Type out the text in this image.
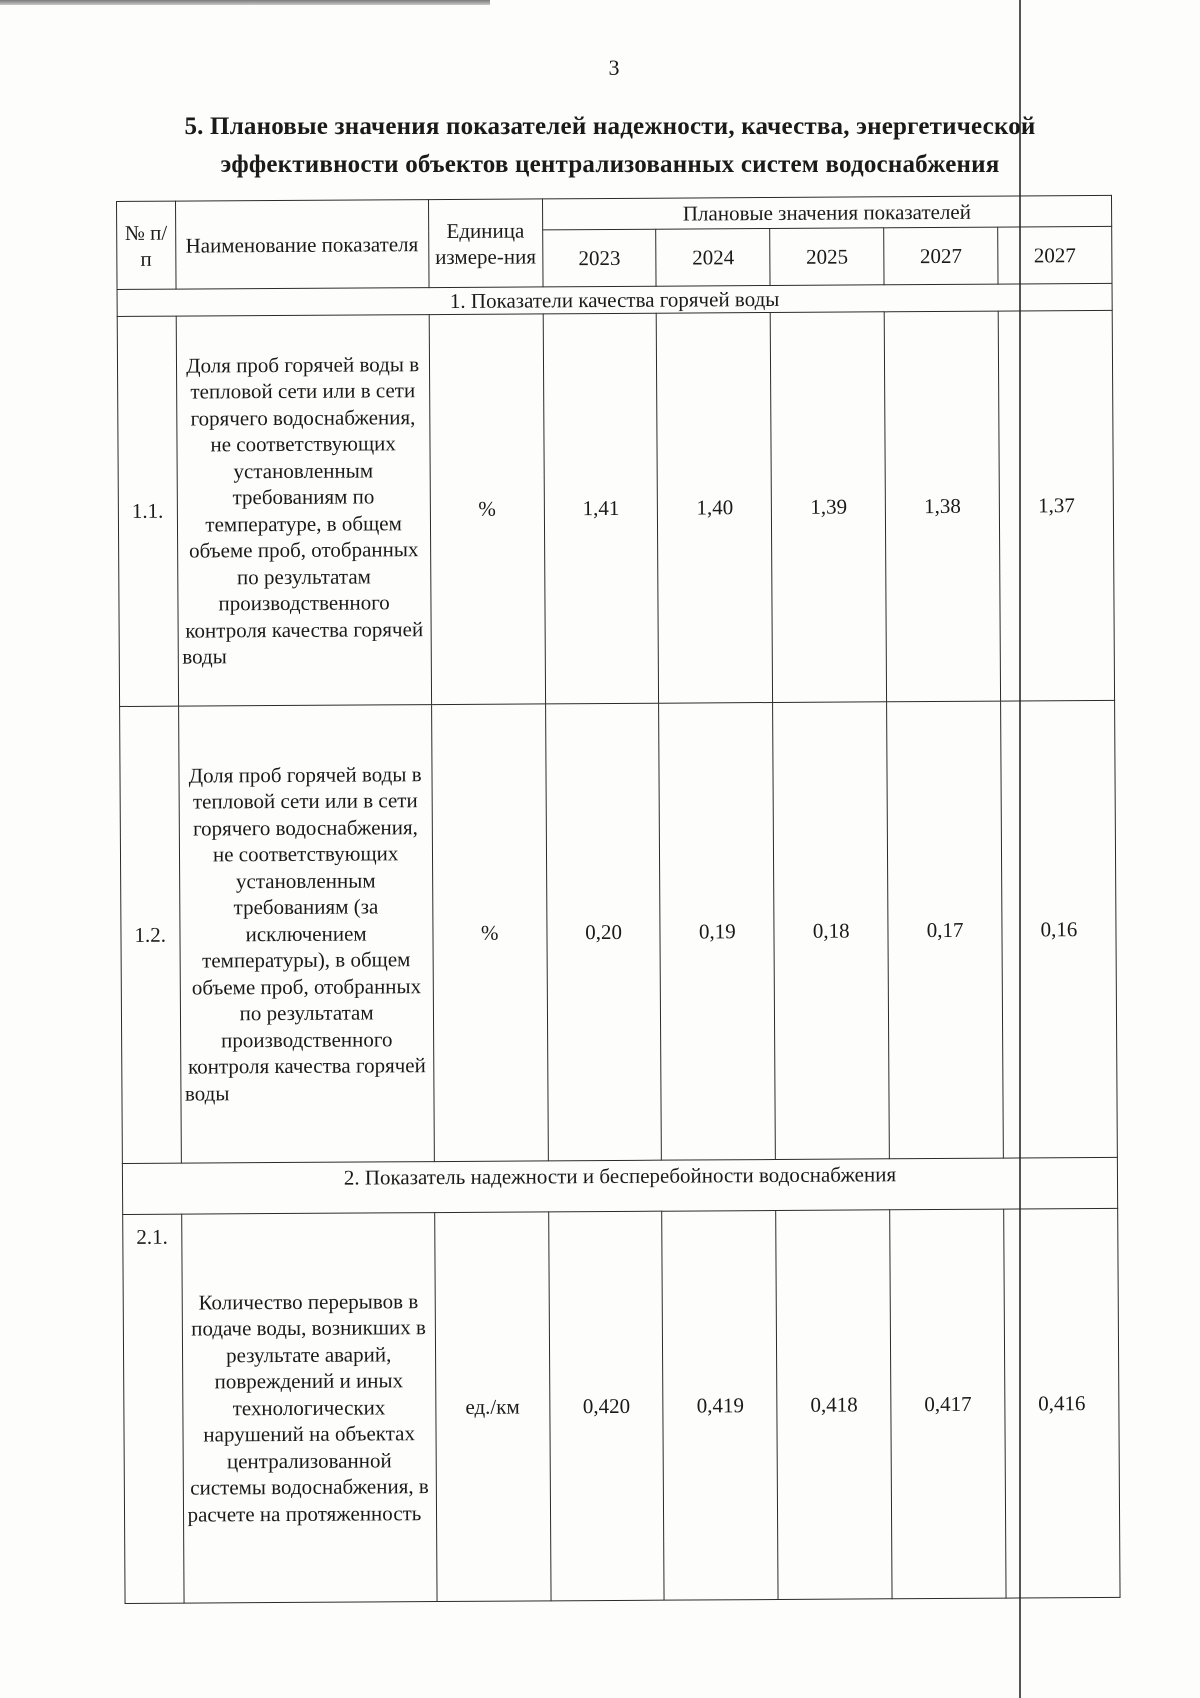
3
5. Плановые значения показателей надежности, качества, энергетической
эффективности объектов централизованных систем водоснабжения
№ п/п	Наименование показателя	Единица измере-ния	Плановые значения показателей				
			2023	2024	2025	2027	2027
1. Показатели качества горячей воды							
1.1.	Доля проб горячей воды в тепловой сети или в сети горячего водоснабжения, не соответствующих установленным требованиям по температуре, в общем объеме проб, отобранных по результатам производственного контроля качества горячей воды	%	1,41	1,40	1,39	1,38	1,37
1.2.	Доля проб горячей воды в тепловой сети или в сети горячего водоснабжения, не соответствующих установленным требованиям (за исключением температуры), в общем объеме проб, отобранных по результатам производственного контроля качества горячей воды	%	0,20	0,19	0,18	0,17	0,16
2. Показатель надежности и бесперебойности водоснабжения							
2.1.	Количество перерывов в подаче воды, возникших в результате аварий, повреждений и иных технологических нарушений на объектах централизованной системы водоснабжения, в расчете на протяженность	ед./км	0,420	0,419	0,418	0,417	0,416
